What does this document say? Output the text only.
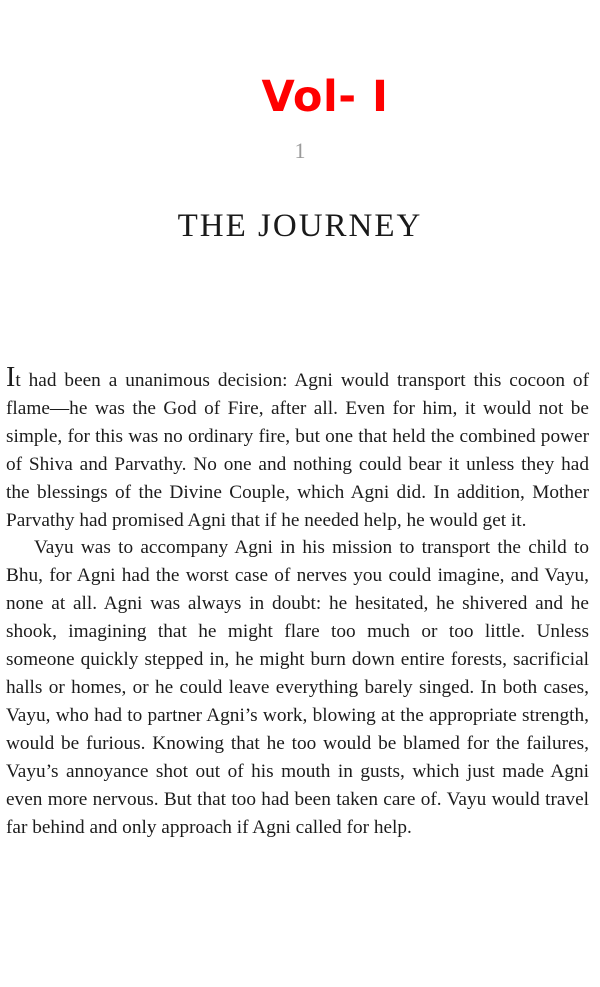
Vol- I
1
THE JOURNEY

It had been a unanimous decision: Agni would transport this cocoon of flame—he was the God of Fire, after all. Even for him, it would not be simple, for this was no ordinary fire, but one that held the combined power of Shiva and Parvathy. No one and nothing could bear it unless they had the blessings of the Divine Couple, which Agni did. In addition, Mother Parvathy had promised Agni that if he needed help, he would get it.

Vayu was to accompany Agni in his mission to transport the child to Bhu, for Agni had the worst case of nerves you could imagine, and Vayu, none at all. Agni was always in doubt: he hesitated, he shivered and he shook, imagining that he might flare too much or too little. Unless someone quickly stepped in, he might burn down entire forests, sacrificial halls or homes, or he could leave everything barely singed. In both cases, Vayu, who had to partner Agni’s work, blowing at the appropriate strength, would be furious. Knowing that he too would be blamed for the failures, Vayu’s annoyance shot out of his mouth in gusts, which just made Agni even more nervous. But that too had been taken care of. Vayu would travel far behind and only approach if Agni called for help.
